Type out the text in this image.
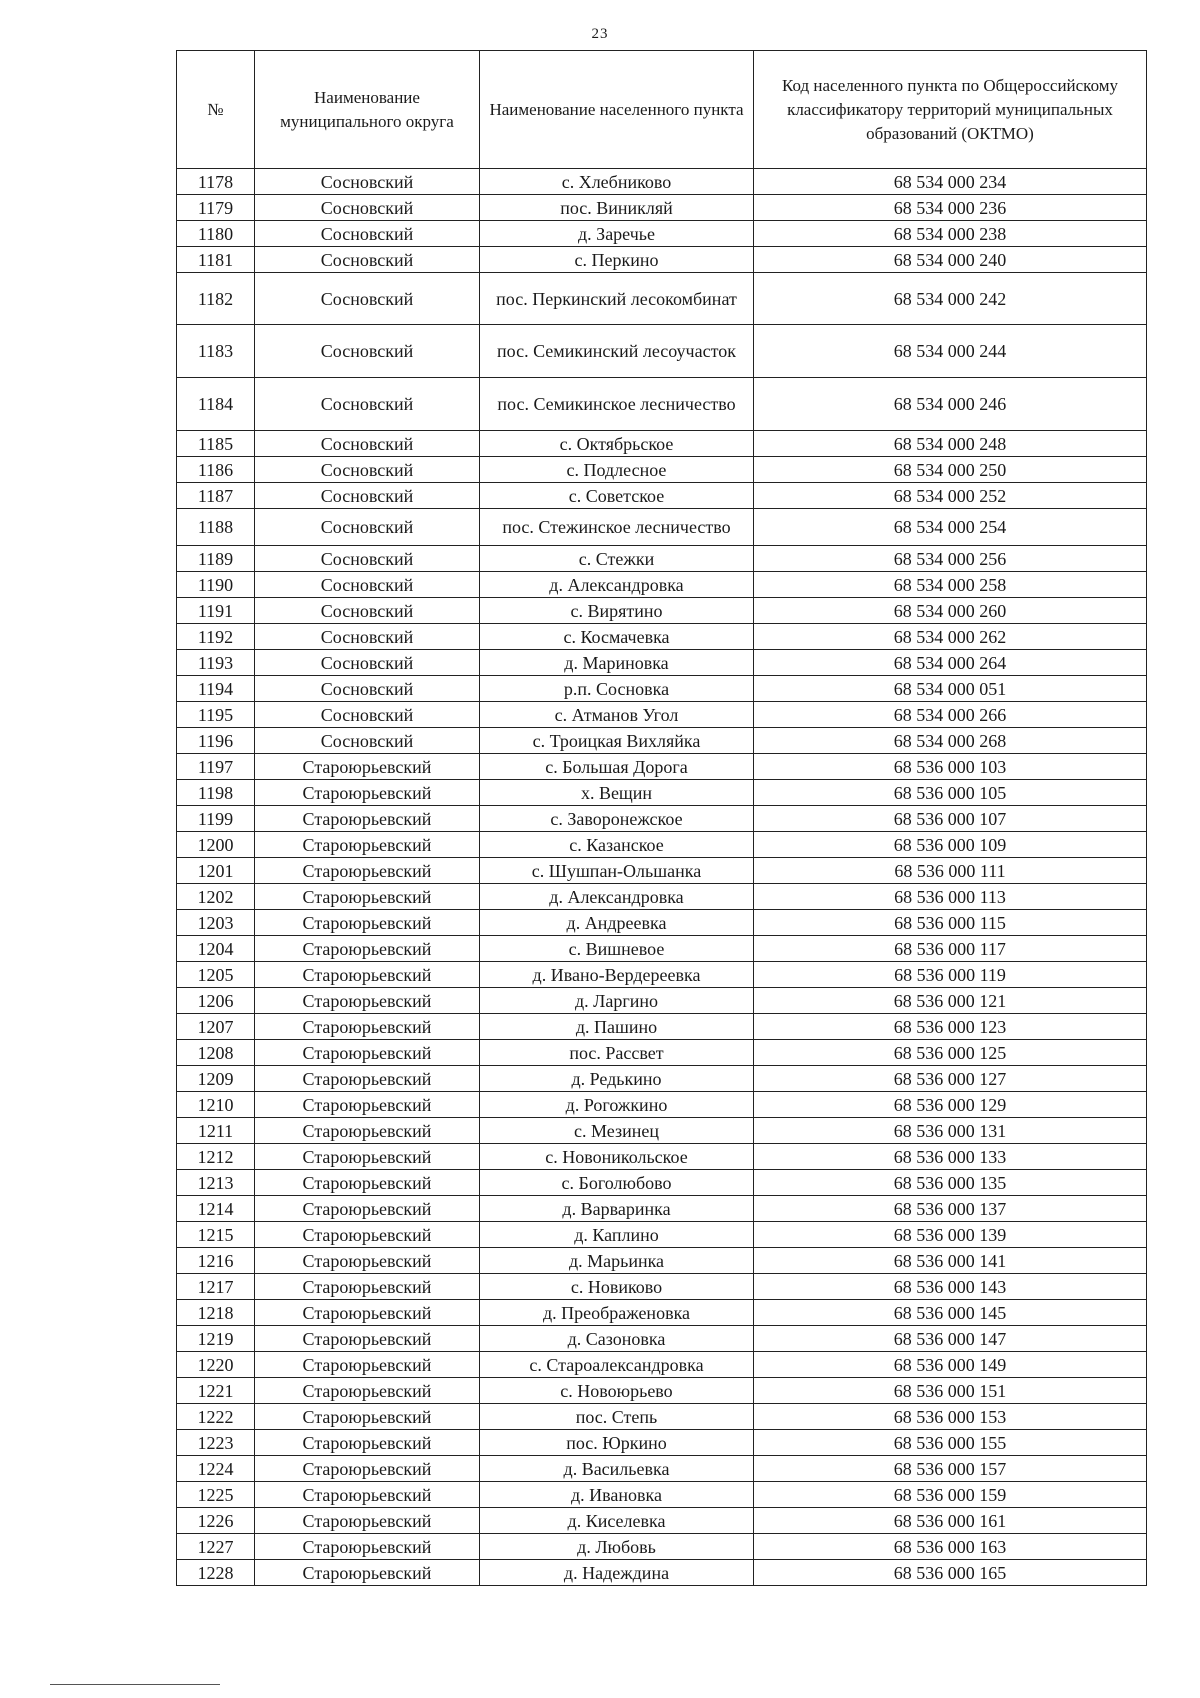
23
№	Наименование муниципального округа	Наименование населенного пункта	Код населенного пункта по Общероссийскому классификатору территорий муниципальных образований (ОКТМО)
1178	Сосновский	с. Хлебниково	68 534 000 234
1179	Сосновский	пос. Виникляй	68 534 000 236
1180	Сосновский	д. Заречье	68 534 000 238
1181	Сосновский	с. Перкино	68 534 000 240
1182	Сосновский	пос. Перкинский лесокомбинат	68 534 000 242
1183	Сосновский	пос. Семикинский лесоучасток	68 534 000 244
1184	Сосновский	пос. Семикинское лесничество	68 534 000 246
1185	Сосновский	с. Октябрьское	68 534 000 248
1186	Сосновский	с. Подлесное	68 534 000 250
1187	Сосновский	с. Советское	68 534 000 252
1188	Сосновский	пос. Стежинское лесничество	68 534 000 254
1189	Сосновский	с. Стежки	68 534 000 256
1190	Сосновский	д. Александровка	68 534 000 258
1191	Сосновский	с. Вирятино	68 534 000 260
1192	Сосновский	с. Космачевка	68 534 000 262
1193	Сосновский	д. Мариновка	68 534 000 264
1194	Сосновский	р.п. Сосновка	68 534 000 051
1195	Сосновский	с. Атманов Угол	68 534 000 266
1196	Сосновский	с. Троицкая Вихляйка	68 534 000 268
1197	Староюрьевский	с. Большая Дорога	68 536 000 103
1198	Староюрьевский	х. Вещин	68 536 000 105
1199	Староюрьевский	с. Заворонежское	68 536 000 107
1200	Староюрьевский	с. Казанское	68 536 000 109
1201	Староюрьевский	с. Шушпан-Ольшанка	68 536 000 111
1202	Староюрьевский	д. Александровка	68 536 000 113
1203	Староюрьевский	д. Андреевка	68 536 000 115
1204	Староюрьевский	с. Вишневое	68 536 000 117
1205	Староюрьевский	д. Ивано-Вердереевка	68 536 000 119
1206	Староюрьевский	д. Ларгино	68 536 000 121
1207	Староюрьевский	д. Пашино	68 536 000 123
1208	Староюрьевский	пос. Рассвет	68 536 000 125
1209	Староюрьевский	д. Редькино	68 536 000 127
1210	Староюрьевский	д. Рогожкино	68 536 000 129
1211	Староюрьевский	с. Мезинец	68 536 000 131
1212	Староюрьевский	с. Новоникольское	68 536 000 133
1213	Староюрьевский	с. Боголюбово	68 536 000 135
1214	Староюрьевский	д. Варваринка	68 536 000 137
1215	Староюрьевский	д. Каплино	68 536 000 139
1216	Староюрьевский	д. Марьинка	68 536 000 141
1217	Староюрьевский	с. Новиково	68 536 000 143
1218	Староюрьевский	д. Преображеновка	68 536 000 145
1219	Староюрьевский	д. Сазоновка	68 536 000 147
1220	Староюрьевский	с. Староалександровка	68 536 000 149
1221	Староюрьевский	с. Новоюрьево	68 536 000 151
1222	Староюрьевский	пос. Степь	68 536 000 153
1223	Староюрьевский	пос. Юркино	68 536 000 155
1224	Староюрьевский	д. Васильевка	68 536 000 157
1225	Староюрьевский	д. Ивановка	68 536 000 159
1226	Староюрьевский	д. Киселевка	68 536 000 161
1227	Староюрьевский	д. Любовь	68 536 000 163
1228	Староюрьевский	д. Надеждина	68 536 000 165
